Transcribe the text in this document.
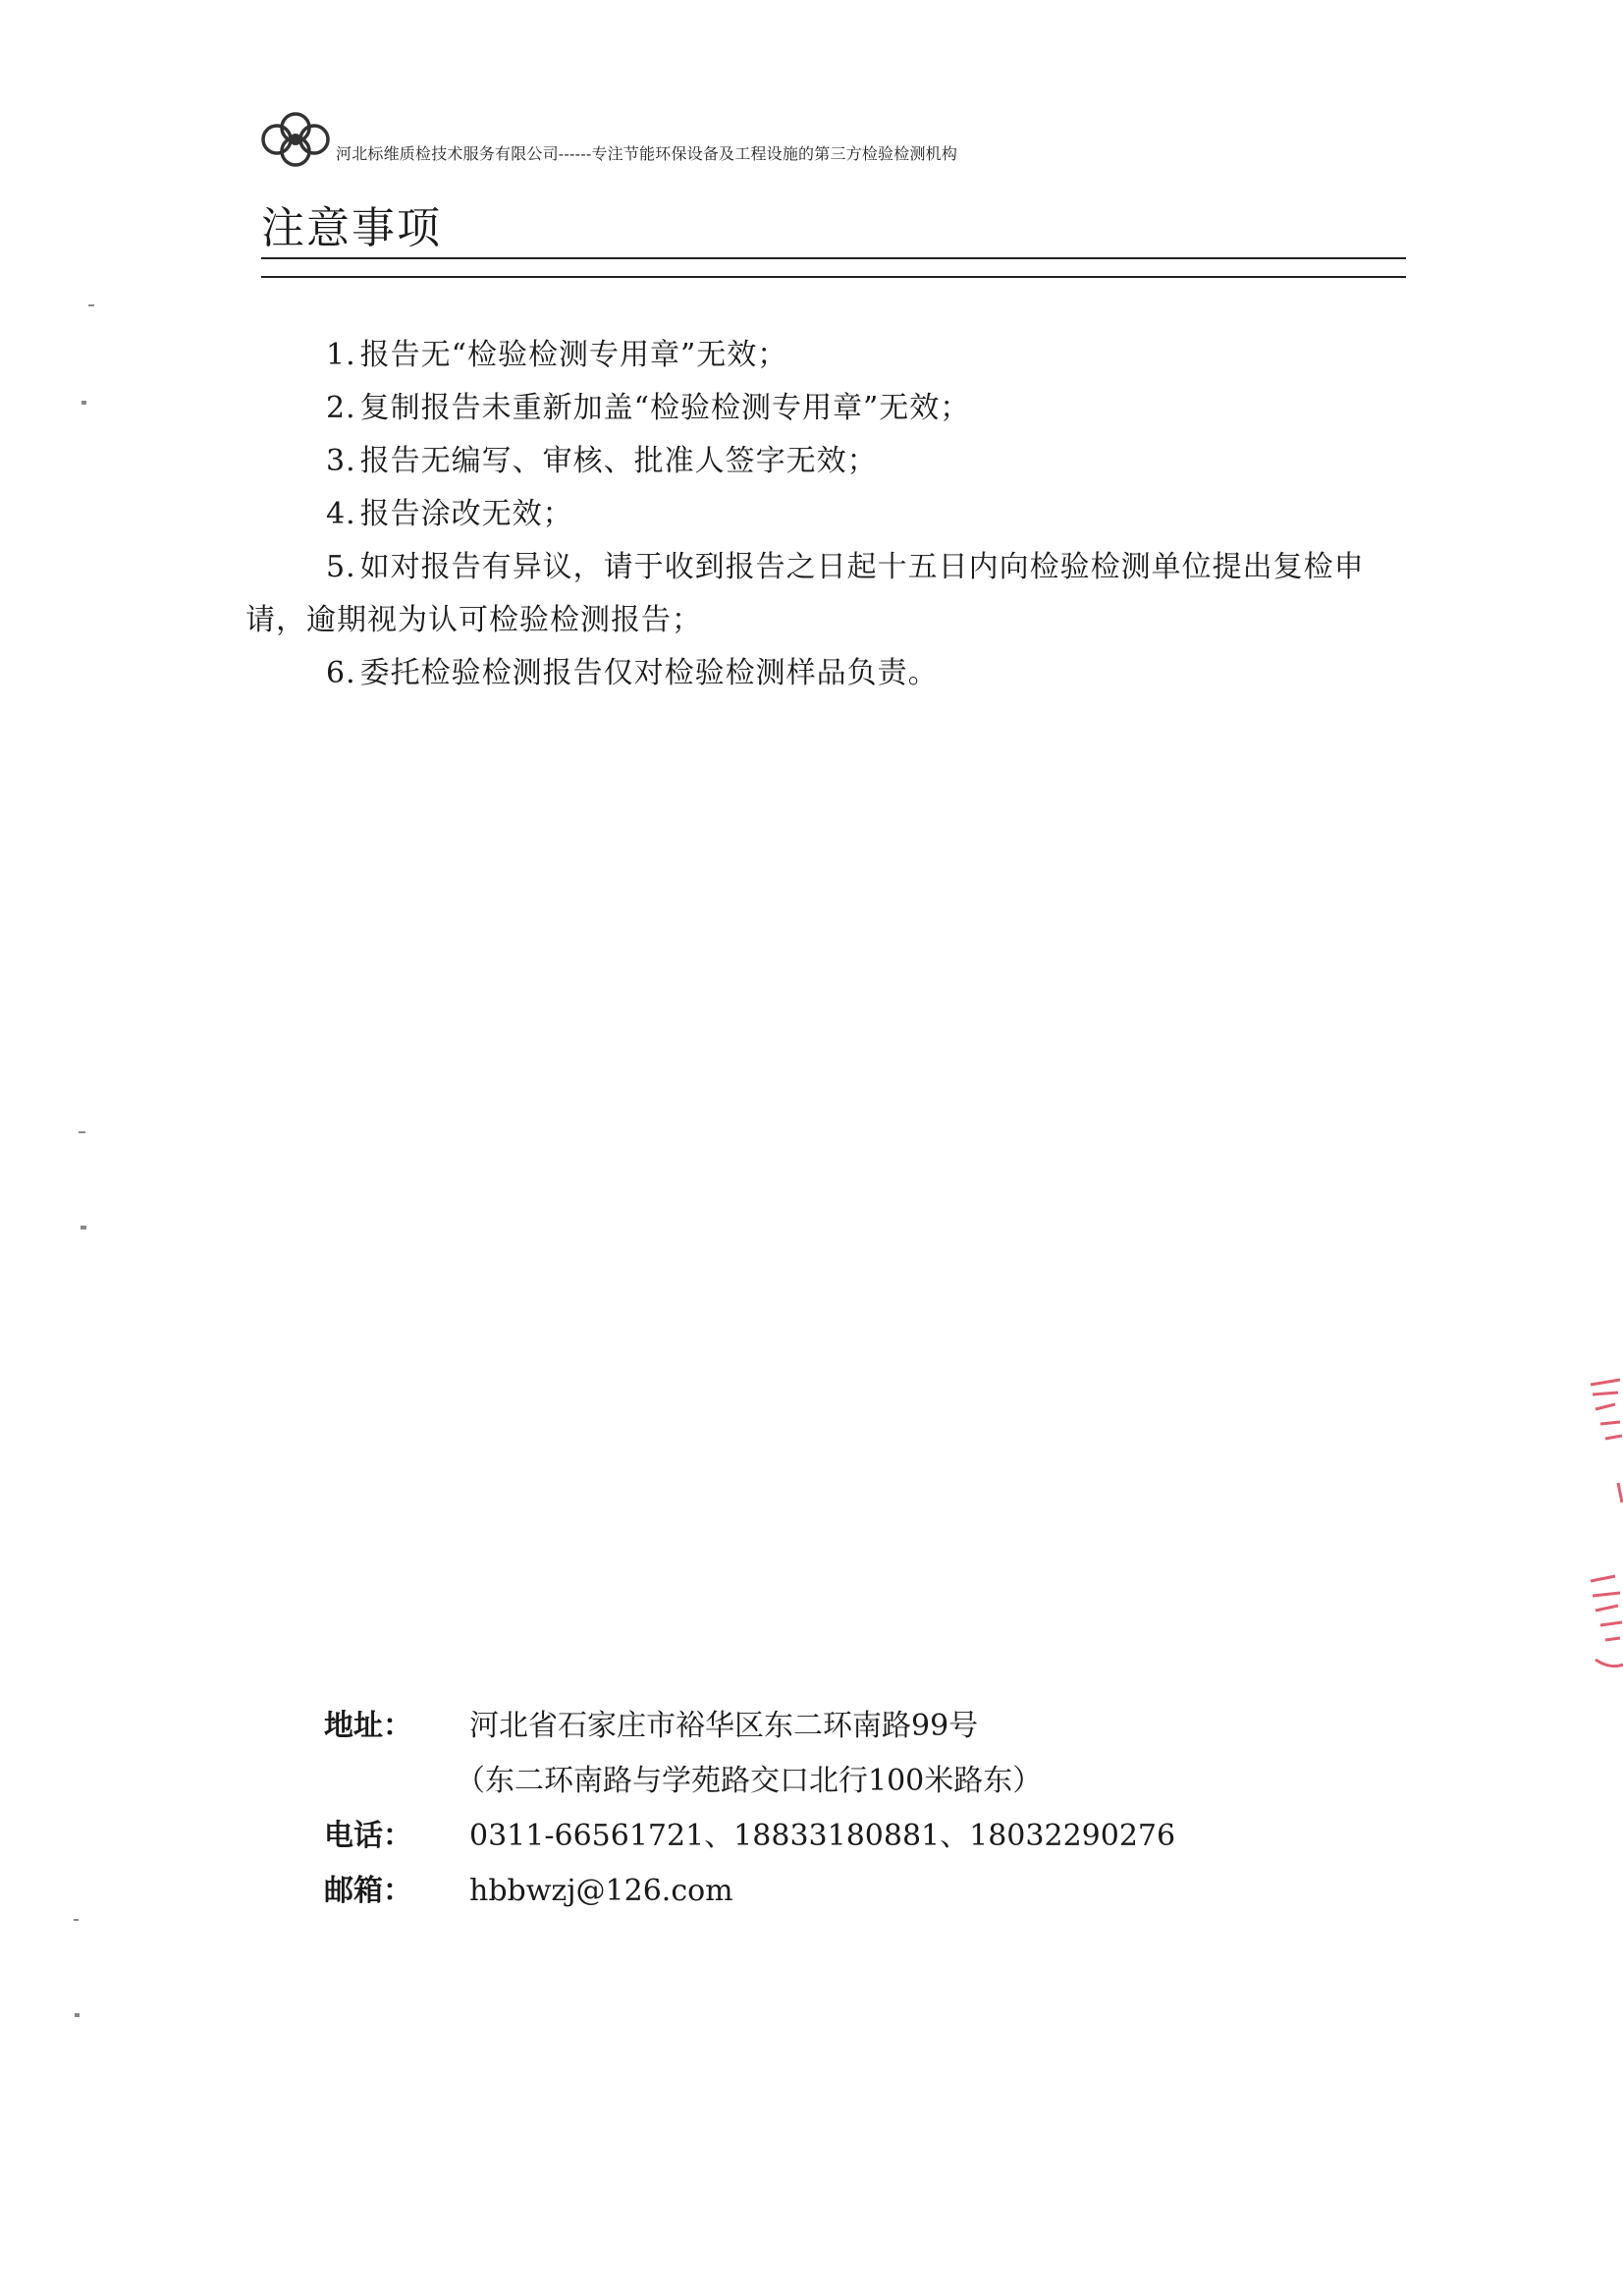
河北标维质检技术服务有限公司------专注节能环保设备及工程设施的第三方检验检测机构
注意事项

1. 报告无“检验检测专用章”无效；

2. 复制报告未重新加盖“检验检测专用章”无效；

3. 报告无编写、审核、批准人签字无效；

4. 报告涂改无效；

5. 如对报告有异议，请于收到报告之日起十五日内向检验检测单位提出复检申请，逾期视为认可检验检测报告；

6. 委托检验检测报告仅对检验检测样品负责。

地 址： 河北省石家庄市裕华区东二环南路99号
（东二环南路与学苑路交口北行100米路东）
电 话： 0311-66561721、18833180881、18032290276
邮 箱： hbbwzj@126.com
